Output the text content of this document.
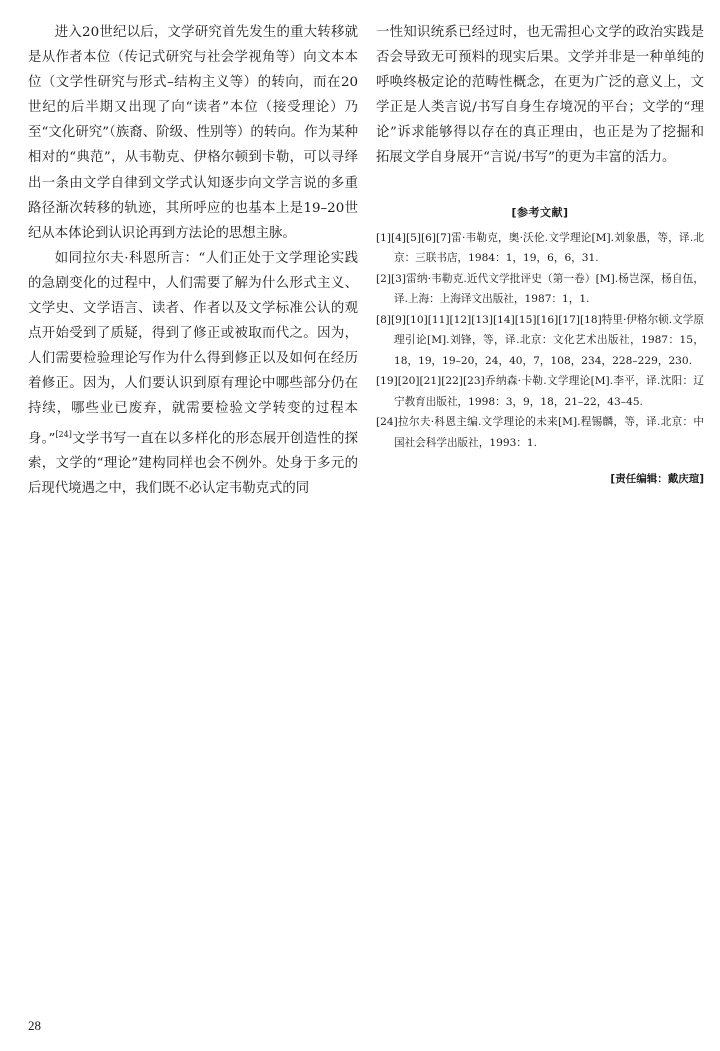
进入20世纪以后，文学研究首先发生的重大转移就是从作者本位（传记式研究与社会学视角等）向文本本位（文学性研究与形式–结构主义等）的转向，而在20世纪的后半期又出现了向“读者”本位（接受理论）乃至“文化研究”（族裔、阶级、性别等）的转向。作为某种相对的“典范”，从韦勒克、伊格尔顿到卡勒，可以寻绎出一条由文学自律到文学式认知逐步向文学言说的多重路径渐次转移的轨迹，其所呼应的也基本上是19–20世纪从本体论到认识论再到方法论的思想主脉。

如同拉尔夫·科恩所言：“人们正处于文学理论实践的急剧变化的过程中，人们需要了解为什么形式主义、文学史、文学语言、读者、作者以及文学标准公认的观点开始受到了质疑，得到了修正或被取而代之。因为，人们需要检验理论写作为什么得到修正以及如何在经历着修正。因为，人们要认识到原有理论中哪些部分仍在持续，哪些业已废弃，就需要检验文学转变的过程本身。”[24]文学书写一直在以多样化的形态展开创造性的探索，文学的“理论”建构同样也会不例外。处身于多元的后现代境遇之中，我们既不必认定韦勒克式的同

一性知识统系已经过时，也无需担心文学的政治实践是否会导致无可预料的现实后果。文学并非是一种单纯的呼唤终极定论的范畴性概念，在更为广泛的意义上，文学正是人类言说/书写自身生存境况的平台；文学的“理论”诉求能够得以存在的真正理由，也正是为了挖掘和拓展文学自身展开“言说/书写”的更为丰富的活力。

[参考文献]

[1][4][5][6][7]雷·韦勒克，奥·沃伦.文学理论[M].刘象愚，等，译.北京：三联书店，1984：1，19，6，6，31.

[2][3]雷纳·韦勒克.近代文学批评史（第一卷）[M].杨岂深，杨自伍，译.上海：上海译文出版社，1987：1，1.

[8][9][10][11][12][13][14][15][16][17][18]特里·伊格尔顿.文学原理引论[M].刘锋，等，译.北京：文化艺术出版社，1987：15，18，19，19–20，24，40，7，108，234，228–229，230.

[19][20][21][22][23]乔纳森·卡勒.文学理论[M].李平，译.沈阳：辽宁教育出版社，1998：3，9，18，21–22，43–45.

[24]拉尔夫·科恩主编.文学理论的未来[M].程锡麟，等，译.北京：中国社会科学出版社，1993：1.

[责任编辑：戴庆瑄]
28
